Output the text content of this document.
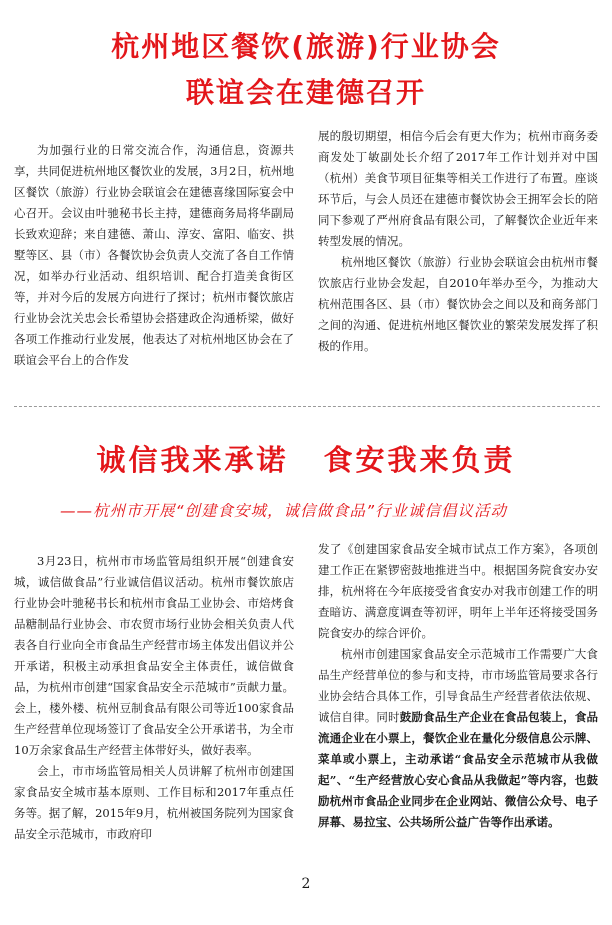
杭州地区餐饮(旅游)行业协会
联谊会在建德召开

为加强行业的日常交流合作，沟通信息，资源共享，共同促进杭州地区餐饮业的发展，3月2日，杭州地区餐饮（旅游）行业协会联谊会在建德喜缘国际宴会中心召开。会议由叶驰秘书长主持，建德商务局将华副局长致欢迎辞；来自建德、萧山、淳安、富阳、临安、拱墅等区、县（市）各餐饮协会负责人交流了各自工作情况，如举办行业活动、组织培训、配合打造美食街区等，并对今后的发展方向进行了探讨；杭州市餐饮旅店行业协会沈关忠会长希望协会搭建政企沟通桥梁，做好各项工作推动行业发展，他表达了对杭州地区协会在了联谊会平台上的合作发

展的殷切期望，相信今后会有更大作为；杭州市商务委商发处丁敏副处长介绍了2017年工作计划并对中国（杭州）美食节项目征集等相关工作进行了布置。座谈环节后，与会人员还在建德市餐饮协会王拥军会长的陪同下参观了严州府食品有限公司，了解餐饮企业近年来转型发展的情况。

杭州地区餐饮（旅游）行业协会联谊会由杭州市餐饮旅店行业协会发起，自2010年举办至今，为推动大杭州范围各区、县（市）餐饮协会之间以及和商务部门之间的沟通、促进杭州地区餐饮业的繁荣发展发挥了积极的作用。

诚信我来承诺 食安我来负责
——杭州市开展“创建食安城，诚信做食品”行业诚信倡议活动

3月23日，杭州市市场监管局组织开展“创建食安城，诚信做食品”行业诚信倡议活动。杭州市餐饮旅店行业协会叶驰秘书长和杭州市食品工业协会、市焙烤食品糖制品行业协会、市农贸市场行业协会相关负责人代表各自行业向全市食品生产经营市场主体发出倡议并公开承诺，积极主动承担食品安全主体责任，诚信做食品，为杭州市创建“国家食品安全示范城市”贡献力量。会上，楼外楼、杭州豆制食品有限公司等近100家食品生产经营单位现场签订了食品安全公开承诺书，为全市10万余家食品生产经营主体带好头，做好表率。

会上，市市场监管局相关人员讲解了杭州市创建国家食品安全城市基本原则、工作目标和2017年重点任务等。据了解，2015年9月，杭州被国务院列为国家食品安全示范城市，市政府印

发了《创建国家食品安全城市试点工作方案》，各项创建工作正在紧锣密鼓地推进当中。根据国务院食安办安排，杭州将在今年底接受省食安办对我市创建工作的明查暗访、满意度调查等初评，明年上半年还将接受国务院食安办的综合评价。

杭州市创建国家食品安全示范城市工作需要广大食品生产经营单位的参与和支持，市市场监管局要求各行业协会结合具体工作，引导食品生产经营者依法依规、诚信自律。同时鼓励食品生产企业在食品包装上，食品流通企业在小票上，餐饮企业在量化分级信息公示牌、菜单或小票上，主动承诺“食品安全示范城市从我做起”、“生产经营放心安心食品从我做起”等内容，也鼓励杭州市食品企业同步在企业网站、微信公众号、电子屏幕、易拉宝、公共场所公益广告等作出承诺。

2
